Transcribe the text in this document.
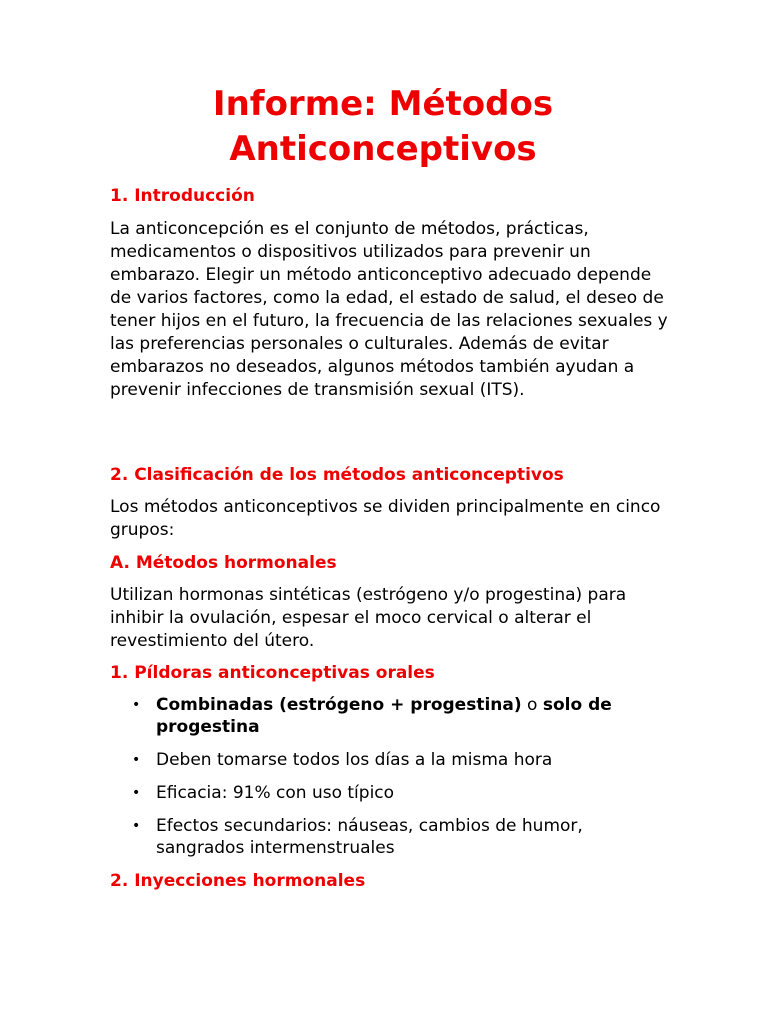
Informe: Métodos Anticonceptivos
1. Introducción

La anticoncepción es el conjunto de métodos, prácticas, medicamentos o dispositivos utilizados para prevenir un embarazo. Elegir un método anticonceptivo adecuado depende de varios factores, como la edad, el estado de salud, el deseo de tener hijos en el futuro, la frecuencia de las relaciones sexuales y las preferencias personales o culturales. Además de evitar embarazos no deseados, algunos métodos también ayudan a prevenir infecciones de transmisión sexual (ITS).

2. Clasificación de los métodos anticonceptivos

Los métodos anticonceptivos se dividen principalmente en cinco grupos:

A. Métodos hormonales

Utilizan hormonas sintéticas (estrógeno y/o progestina) para inhibir la ovulación, espesar el moco cervical o alterar el revestimiento del útero.

1. Píldoras anticonceptivas orales
• Combinadas (estrógeno + progestina) o solo de progestina
• Deben tomarse todos los días a la misma hora
• Eficacia: 91% con uso típico
• Efectos secundarios: náuseas, cambios de humor, sangrados intermenstruales
2. Inyecciones hormonales
